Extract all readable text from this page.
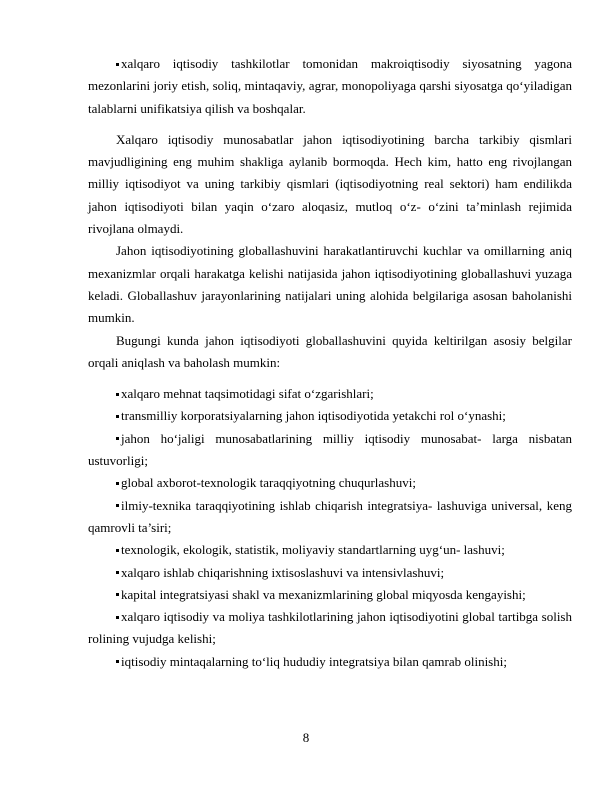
xalqaro iqtisodiy tashkilotlar tomonidan makroiqtisodiy siyosatning yagona mezonlarini joriy etish, soliq, mintaqaviy, agrar, monopoliyaga qarshi siyosatga qo‘yiladigan talablarni unifikatsiya qilish va boshqalar.

Xalqaro iqtisodiy munosabatlar jahon iqtisodiyotining barcha tarkibiy qismlari mavjudligining eng muhim shakliga aylanib bormoqda. Hech kim, hatto eng rivojlangan milliy iqtisodiyot va uning tarkibiy qismlari (iqtisodiyotning real sektori) ham endilikda jahon iqtisodiyoti bilan yaqin o‘zaro aloqasiz, mutloq o‘z- o‘zini ta’minlash rejimida rivojlana olmaydi.

Jahon iqtisodiyotining globallashuvini harakatlantiruvchi kuchlar va omillarning aniq mexanizmlar orqali harakatga kelishi natijasida jahon iqtisodiyotining globallashuvi yuzaga keladi. Globallashuv jarayonlarining natijalari uning alohida belgilariga asosan baholanishi mumkin.

Bugungi kunda jahon iqtisodiyoti globallashuvini quyida keltirilgan asosiy belgilar orqali aniqlash va baholash mumkin:

xalqaro mehnat taqsimotidagi sifat o‘zgarishlari;

transmilliy korporatsiyalarning jahon iqtisodiyotida yetakchi rol o‘ynashi;

jahon ho‘jaligi munosabatlarining milliy iqtisodiy munosabat- larga nisbatan ustuvorligi;

global axborot-texnologik taraqqiyotning chuqurlashuvi;

ilmiy-texnika taraqqiyotining ishlab chiqarish integratsiya- lashuviga universal, keng qamrovli ta’siri;

texnologik, ekologik, statistik, moliyaviy standartlarning uyg‘un- lashuvi;

xalqaro ishlab chiqarishning ixtisoslashuvi va intensivlashuvi;

kapital integratsiyasi shakl va mexanizmlarining global miqyosda kengayishi;

xalqaro iqtisodiy va moliya tashkilotlarining jahon iqtisodiyotini global tartibga solish rolining vujudga kelishi;

iqtisodiy mintaqalarning to‘liq hududiy integratsiya bilan qamrab olinishi;

8
